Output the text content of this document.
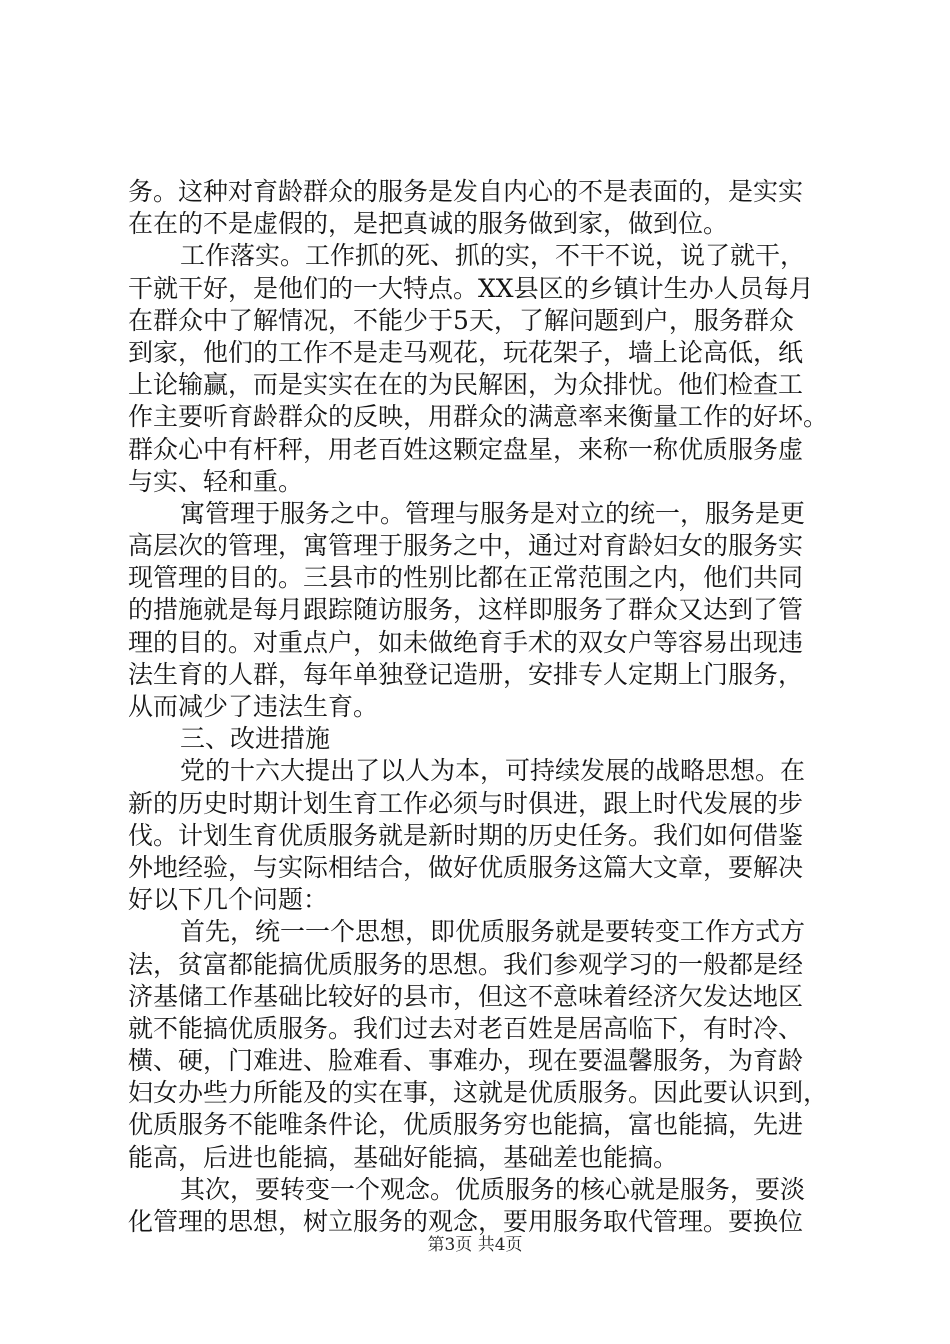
务。这种对育龄群众的服务是发自内心的不是表面的，是实实
在在的不是虚假的，是把真诚的服务做到家，做到位。
工作落实。工作抓的死、抓的实，不干不说，说了就干，
干就干好，是他们的一大特点。XX县区的乡镇计生办人员每月
在群众中了解情况，不能少于5天，了解问题到户，服务群众
到家，他们的工作不是走马观花，玩花架子，墙上论高低，纸
上论输赢，而是实实在在的为民解困，为众排忧。他们检查工
作主要听育龄群众的反映，用群众的满意率来衡量工作的好坏。
群众心中有杆秤，用老百姓这颗定盘星，来称一称优质服务虚
与实、轻和重。
寓管理于服务之中。管理与服务是对立的统一，服务是更
高层次的管理，寓管理于服务之中，通过对育龄妇女的服务实
现管理的目的。三县市的性别比都在正常范围之内，他们共同
的措施就是每月跟踪随访服务，这样即服务了群众又达到了管
理的目的。对重点户，如未做绝育手术的双女户等容易出现违
法生育的人群，每年单独登记造册，安排专人定期上门服务，
从而减少了违法生育。
三、改进措施
党的十六大提出了以人为本，可持续发展的战略思想。在
新的历史时期计划生育工作必须与时俱进，跟上时代发展的步
伐。计划生育优质服务就是新时期的历史任务。我们如何借鉴
外地经验，与实际相结合，做好优质服务这篇大文章，要解决
好以下几个问题：
首先，统一一个思想，即优质服务就是要转变工作方式方
法，贫富都能搞优质服务的思想。我们参观学习的一般都是经
济基储工作基础比较好的县市，但这不意味着经济欠发达地区
就不能搞优质服务。我们过去对老百姓是居高临下，有时冷、
横、硬，门难进、脸难看、事难办，现在要温馨服务，为育龄
妇女办些力所能及的实在事，这就是优质服务。因此要认识到，
优质服务不能唯条件论，优质服务穷也能搞，富也能搞，先进
能高，后进也能搞，基础好能搞，基础差也能搞。
其次，要转变一个观念。优质服务的核心就是服务，要淡
化管理的思想，树立服务的观念，要用服务取代管理。要换位
第3页 共4页
